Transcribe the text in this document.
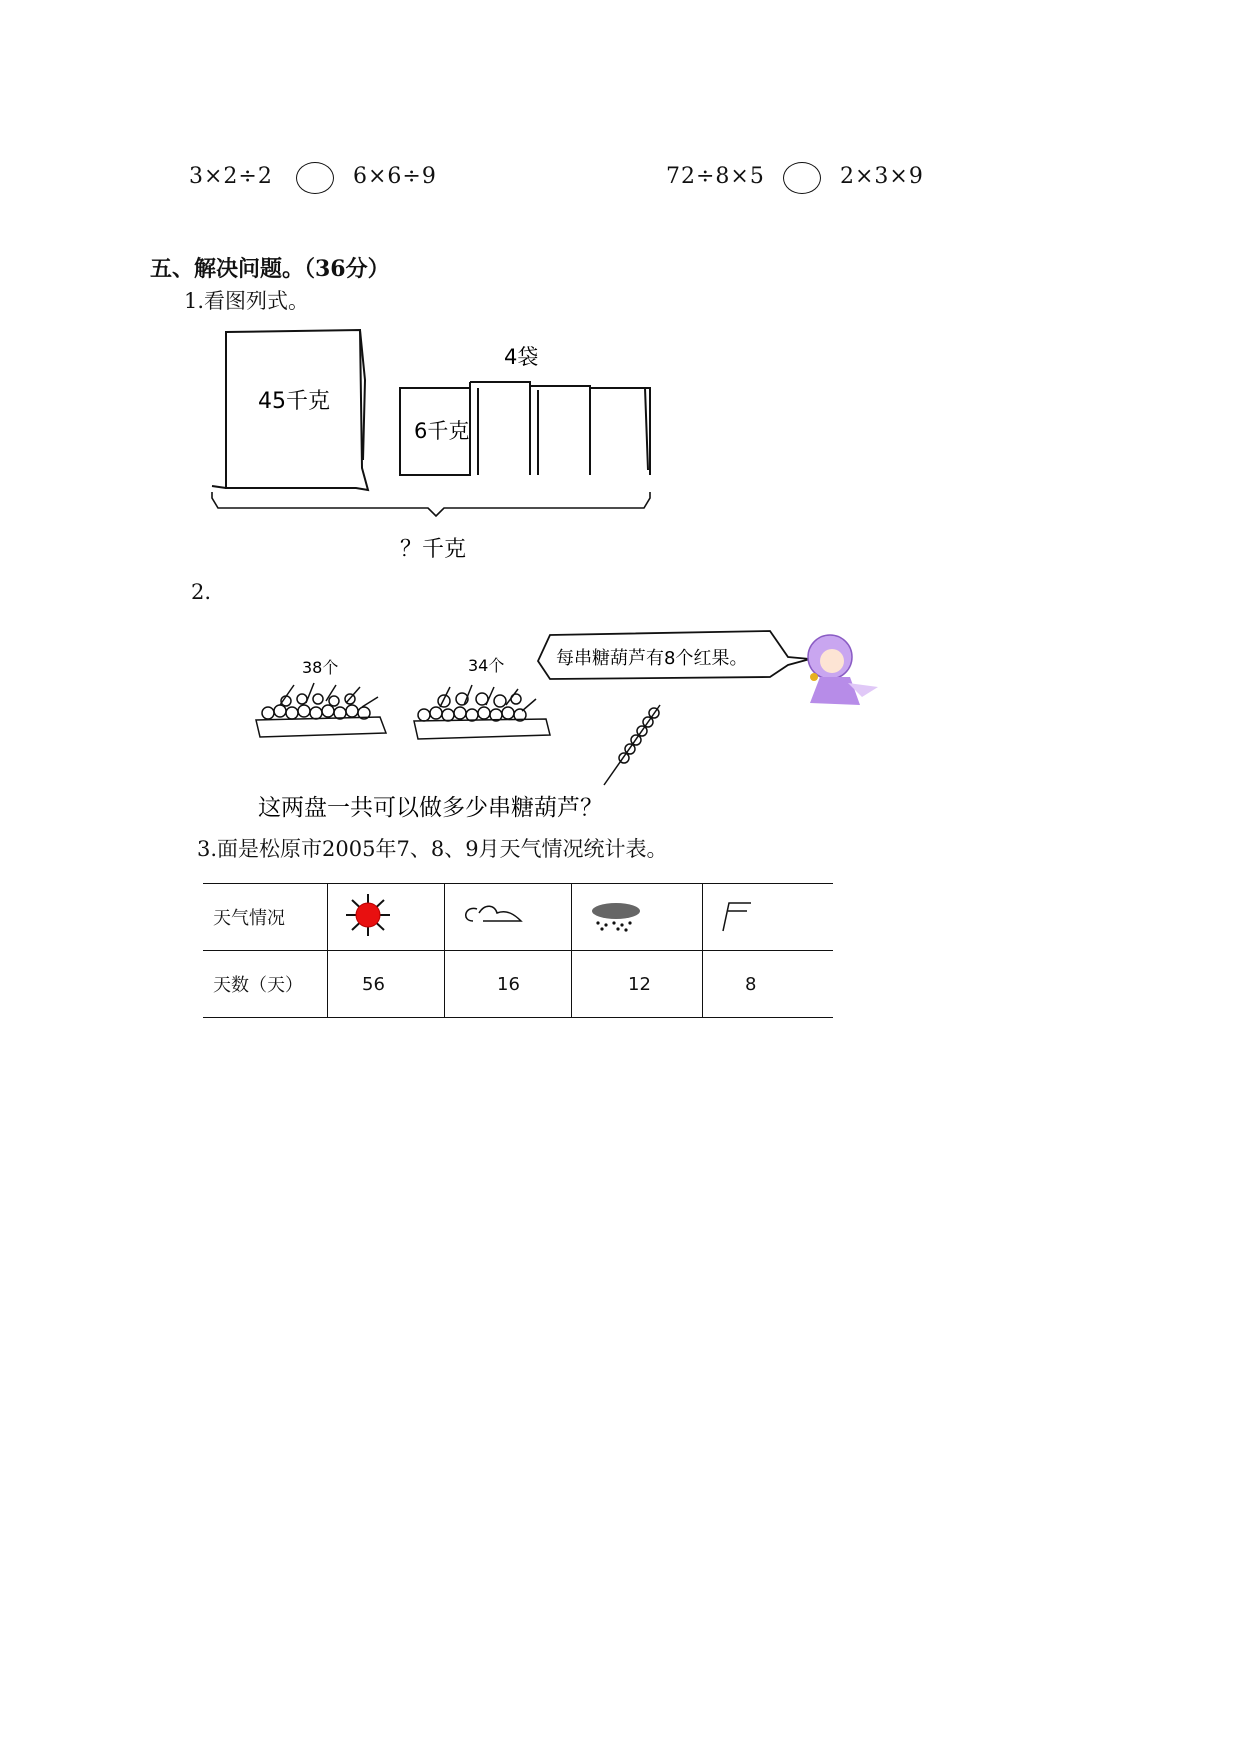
3×2÷2	6×6÷9	72÷8×5	2×3×9
五、解决问题。（36分）
1.看图列式。
45千克
4袋
6千克
？千克
2.
38个	34个	每串糖葫芦有8个红果。
这两盘一共可以做多少串糖葫芦？
3.面是松原市2005年7、8、9月天气情况统计表。
天气情况				
天数（天）	56	16	12	8
